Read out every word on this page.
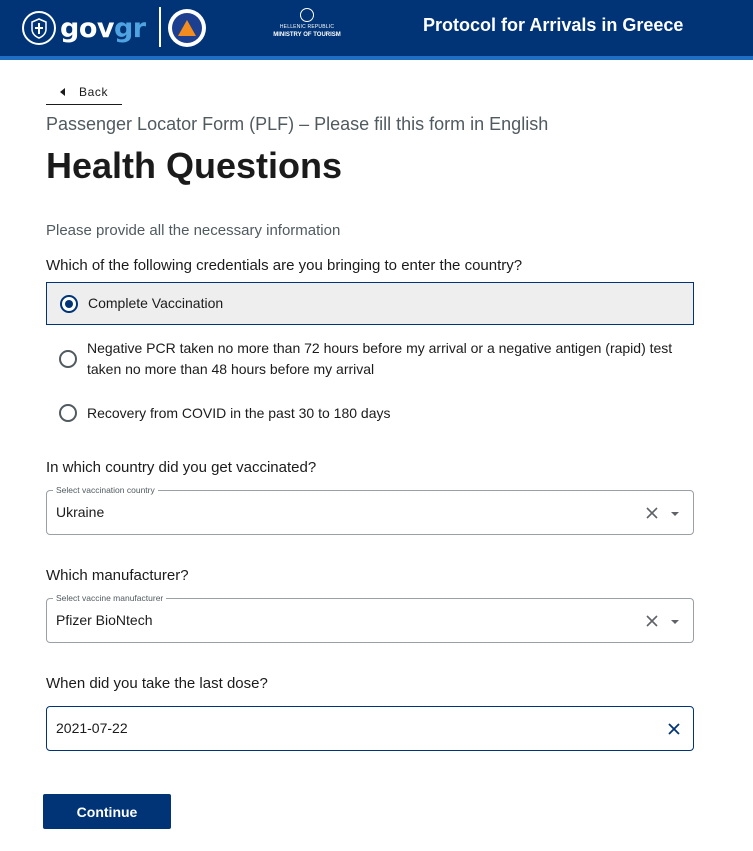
govgr	HELLENIC REPUBLIC
MINISTRY OF TOURISM	Protocol for Arrivals in Greece
Back
Passenger Locator Form (PLF) – Please fill this form in English
Health Questions
Please provide all the necessary information
Which of the following credentials are you bringing to enter the country?
Complete Vaccination
Negative PCR taken no more than 72 hours before my arrival or a negative antigen (rapid) test taken no more than 48 hours before my arrival
Recovery from COVID in the past 30 to 180 days
In which country did you get vaccinated?
Select vaccination country
Ukraine
Which manufacturer?
Select vaccine manufacturer
Pfizer BioNtech
When did you take the last dose?
2021-07-22
Continue
